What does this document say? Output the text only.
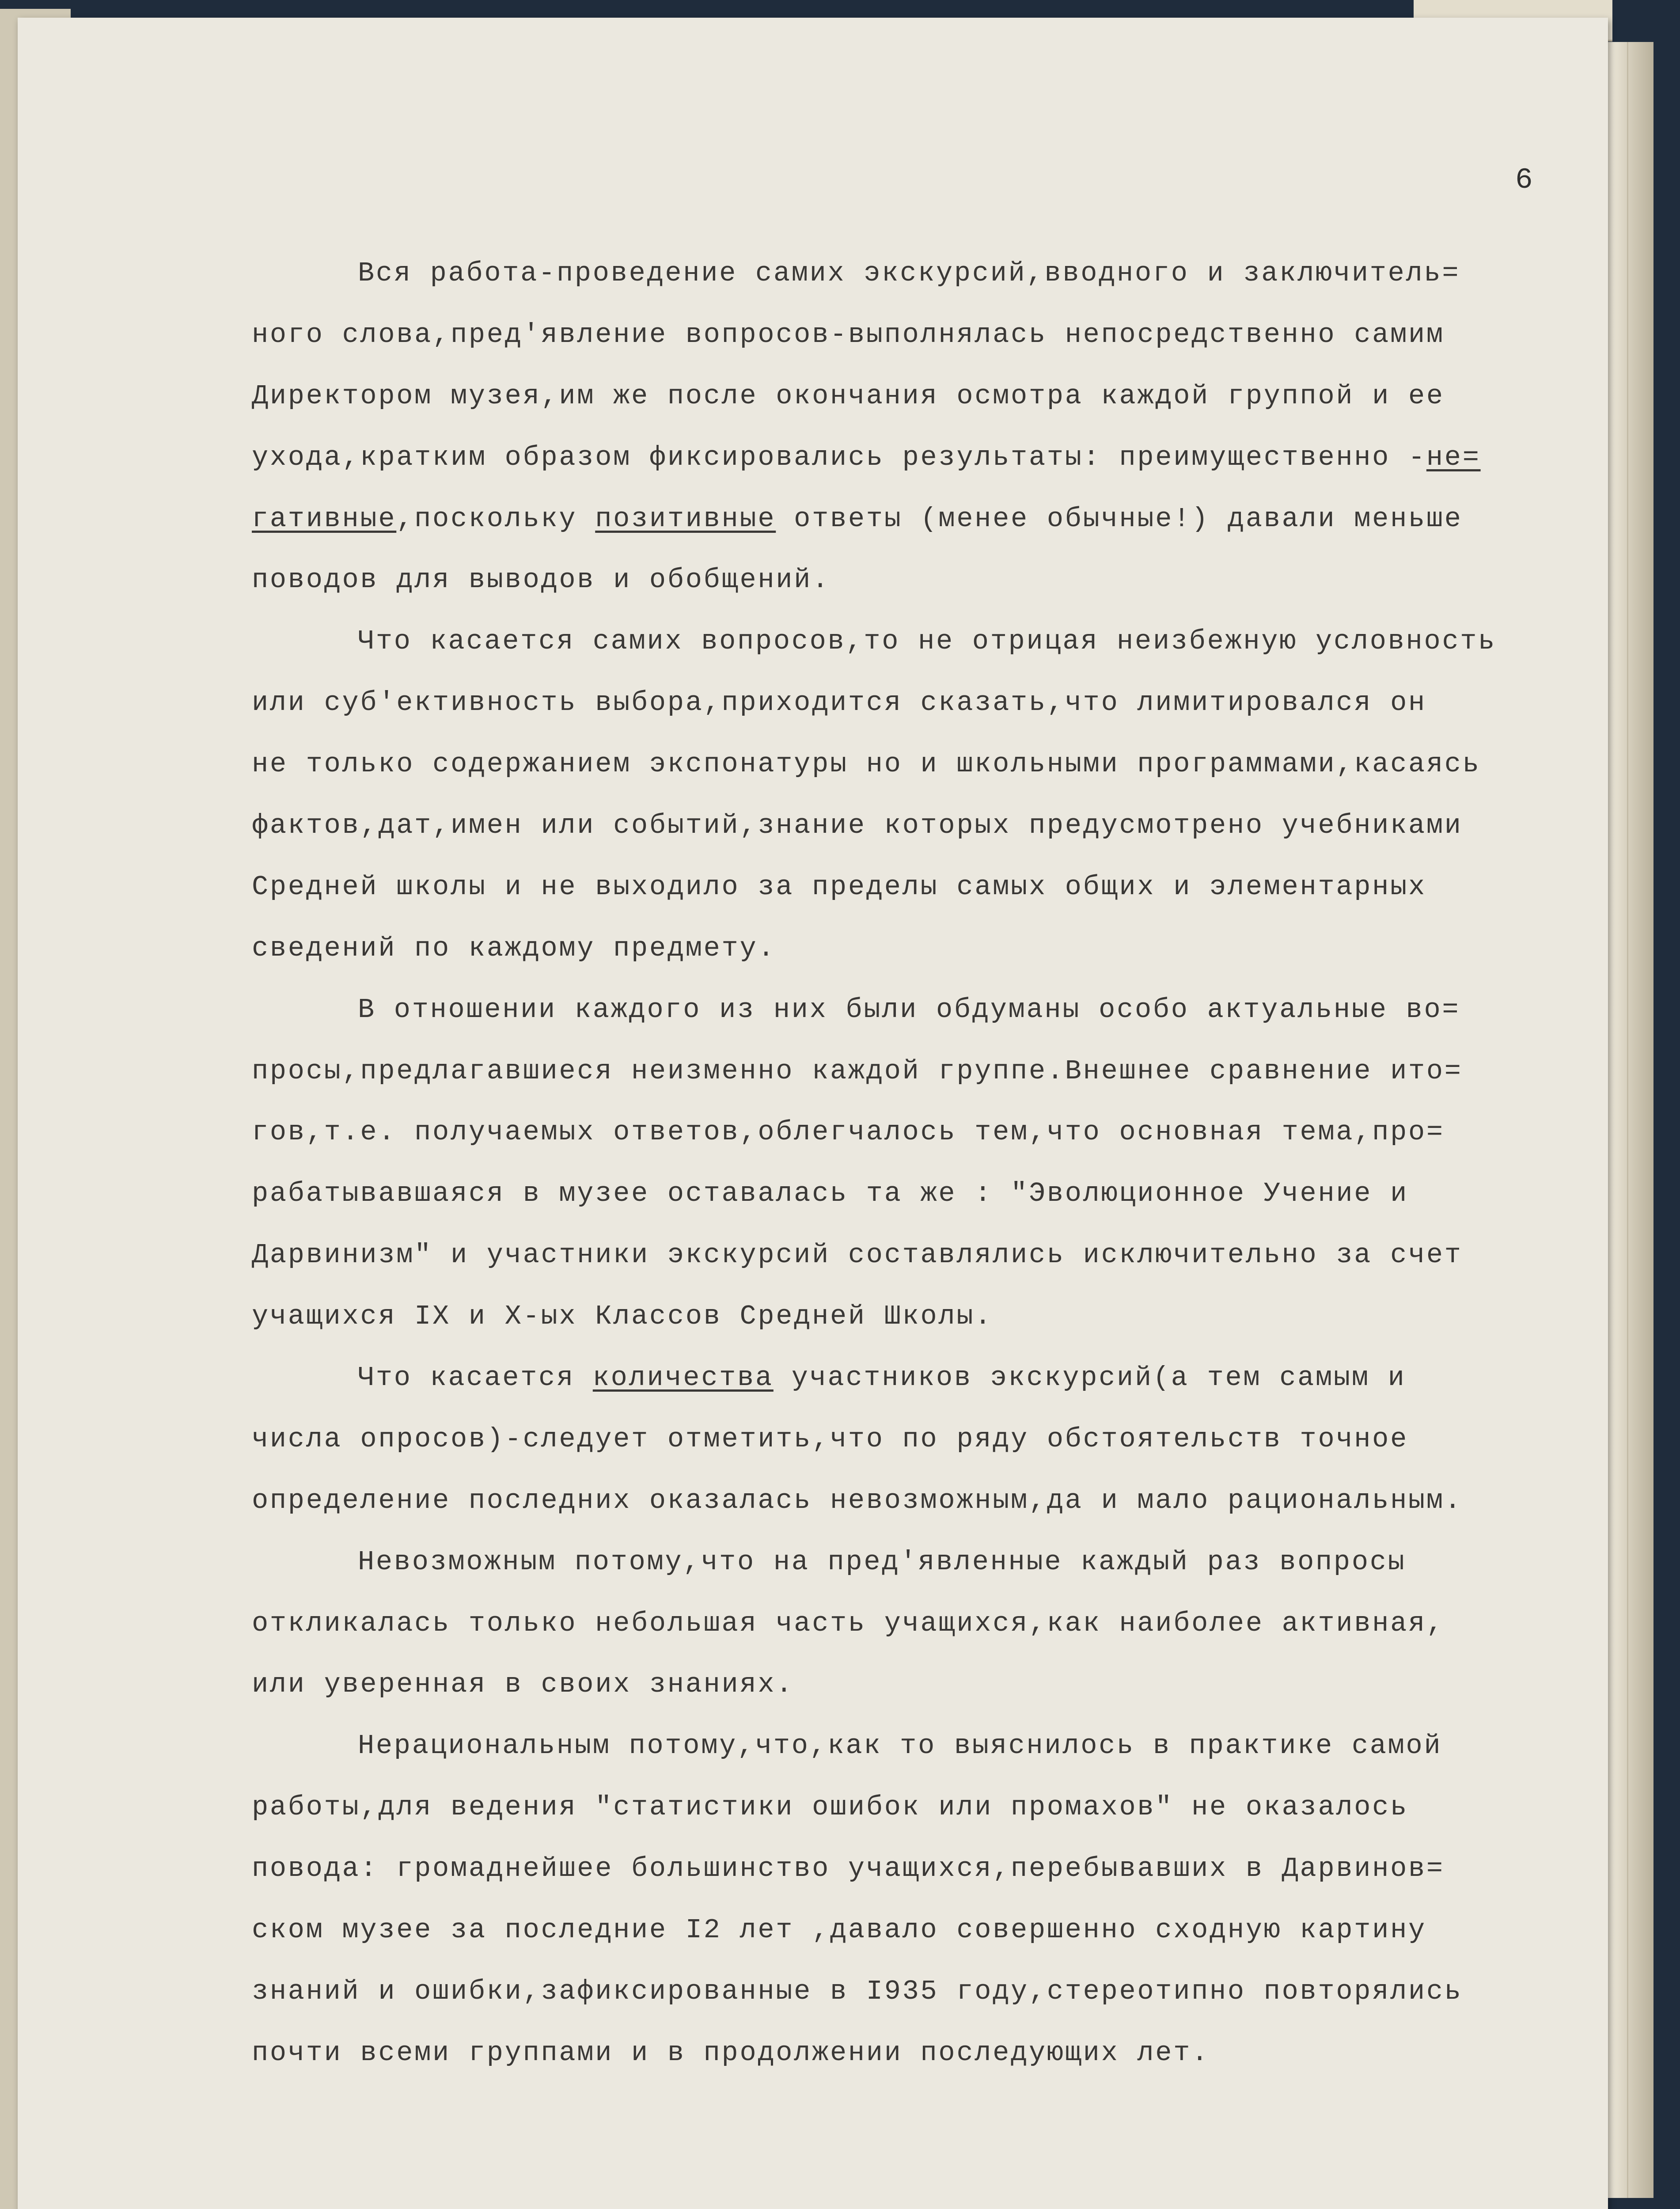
6
Вся работа-проведение самих экскурсий,вводного и заключитель=
ного слова,пред'явление вопросов-выполнялась непосредственно самим
Директором музея,им же после окончания осмотра каждой группой и ее
ухода,кратким образом фиксировались результаты: преимущественно -не=
гативные,поскольку позитивные ответы (менее обычные!) давали меньше
поводов для выводов и обобщений.
Что касается самих вопросов,то не отрицая неизбежную условность
или суб'ективность выбора,приходится сказать,что лимитировался он
не только содержанием экспонатуры но и школьными программами,касаясь
фактов,дат,имен или событий,знание которых предусмотрено учебниками
Средней школы и не выходило за пределы самых общих и элементарных
сведений по каждому предмету.
В отношении каждого из них были обдуманы особо актуальные во=
просы,предлагавшиеся неизменно каждой группе.Внешнее сравнение ито=
гов,т.е. получаемых ответов,облегчалось тем,что основная тема,про=
рабатывавшаяся в музее оставалась та же : "Эволюционное Учение и
Дарвинизм" и участники экскурсий составлялись исключительно за счет
учащихся IX и X-ых Классов Средней Школы.
Что касается количества участников экскурсий(а тем самым и
числа опросов)-следует отметить,что по ряду обстоятельств точное
определение последних оказалась невозможным,да и мало рациональным.
Невозможным потому,что на пред'явленные каждый раз вопросы
откликалась только небольшая часть учащихся,как наиболее активная,
или уверенная в своих знаниях.
Нерациональным потому,что,как то выяснилось в практике самой
работы,для ведения "статистики ошибок или промахов" не оказалось
повода: громаднейшее большинство учащихся,перебывавших в Дарвинов=
ском музее за последние I2 лет ,давало совершенно сходную картину
знаний и ошибки,зафиксированные в I935 году,стереотипно повторялись
почти всеми группами и в продолжении последующих лет.
